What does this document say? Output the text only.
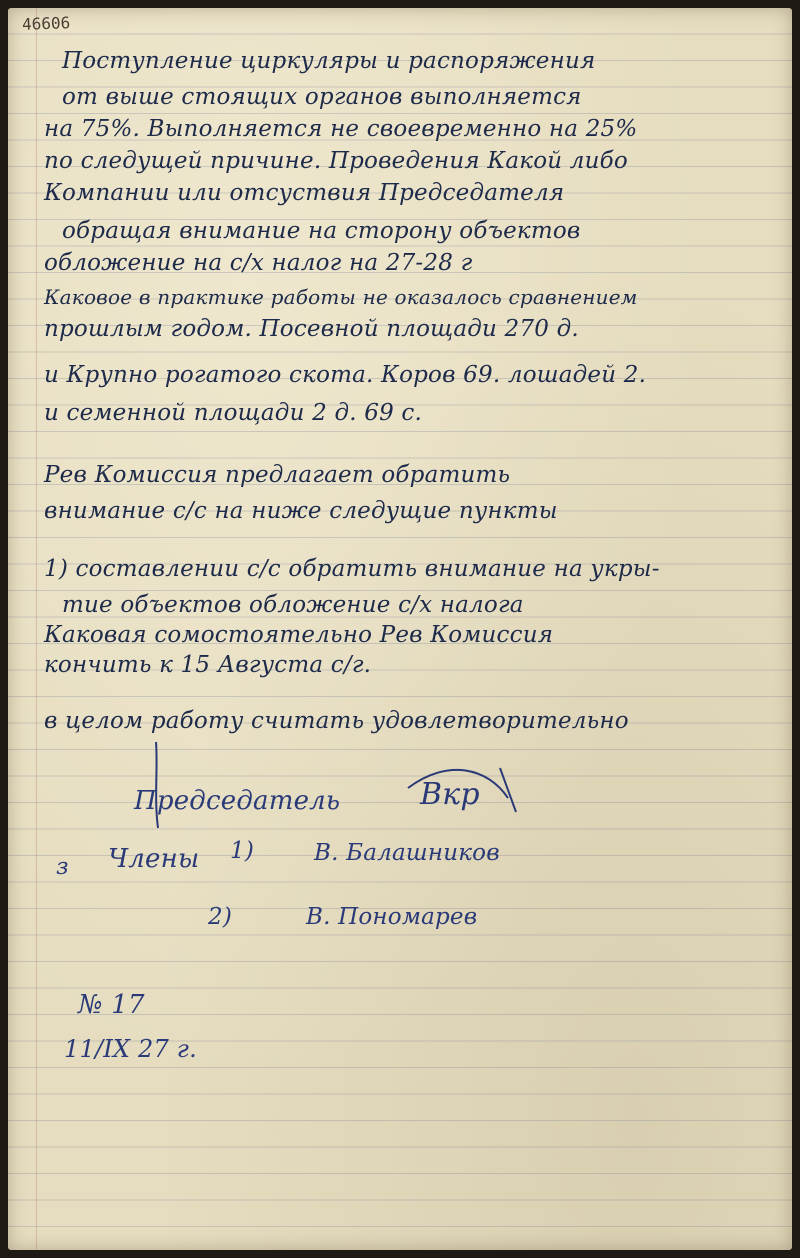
46606
Поступление циркуляры и распоряжения
от выше стоящих органов выполняется
на 75%. Выполняется не своевременно на 25%
по следущей причине. Проведения Какой либо
Компании или отсуствия Председателя
обращая внимание на сторону объектов
обложение на с/х налог на 27-28 г
Каковое в практике работы не оказалось сравнением
прошлым годом. Посевной площади 270 д.
и Крупно рогатого скота. Коров 69. лошадей 2.
и семенной площади 2 д. 69 с.
Рев Комиссия предлагает обратить
внимание с/с на ниже следущие пункты
1) составлении с/с обратить внимание на укры-
тие объектов обложение с/х налога
Каковая сомостоятельно Рев Комиссия
кончить к 15 Августа с/г.
в целом работу считать удовлетворительно
Председатель	Вкр
з Члены 1)	В. Балашников
2)	В. Пономарев
№ 17
11/IX 27 г.
